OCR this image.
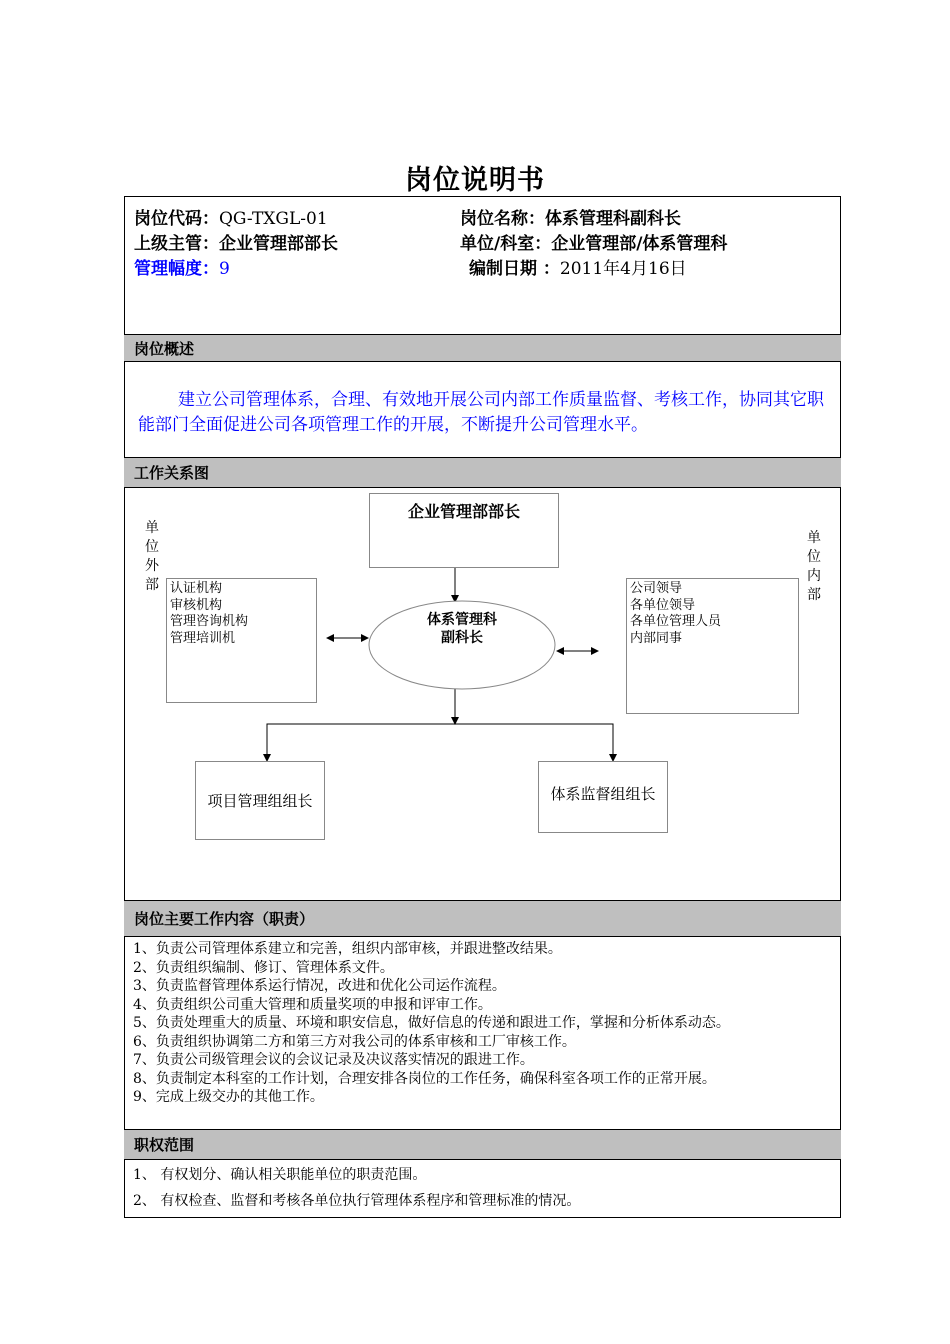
岗位说明书
岗位代码：QG-TXGL-01	岗位名称：体系管理科副科长
上级主管：企业管理部部长	单位/科室：企业管理部/体系管理科
管理幅度：9	编制日期 ：2011年4月16日
岗位概述
建立公司管理体系，合理、有效地开展公司内部工作质量监督、考核工作，协同其它职能部门全面促进公司各项管理工作的开展，不断提升公司管理水平。
工作关系图
企业管理部部长
体系管理科
副科长
单
位
外
部
单
位
内
部
认证机构
审核机构
管理咨询机构
管理培训机
公司领导
各单位领导
各单位管理人员
内部同事
项目管理组组长	体系监督组组长
岗位主要工作内容（职责）
1、负责公司管理体系建立和完善，组织内部审核，并跟进整改结果。
2、负责组织编制、修订、管理体系文件。
3、负责监督管理体系运行情况，改进和优化公司运作流程。
4、负责组织公司重大管理和质量奖项的申报和评审工作。
5、负责处理重大的质量、环境和职安信息，做好信息的传递和跟进工作，掌握和分析体系动态。
6、负责组织协调第二方和第三方对我公司的体系审核和工厂审核工作。
7、负责公司级管理会议的会议记录及决议落实情况的跟进工作。
8、负责制定本科室的工作计划，合理安排各岗位的工作任务，确保科室各项工作的正常开展。
9、完成上级交办的其他工作。
职权范围
1、 有权划分、确认相关职能单位的职责范围。
2、 有权检查、监督和考核各单位执行管理体系程序和管理标准的情况。
